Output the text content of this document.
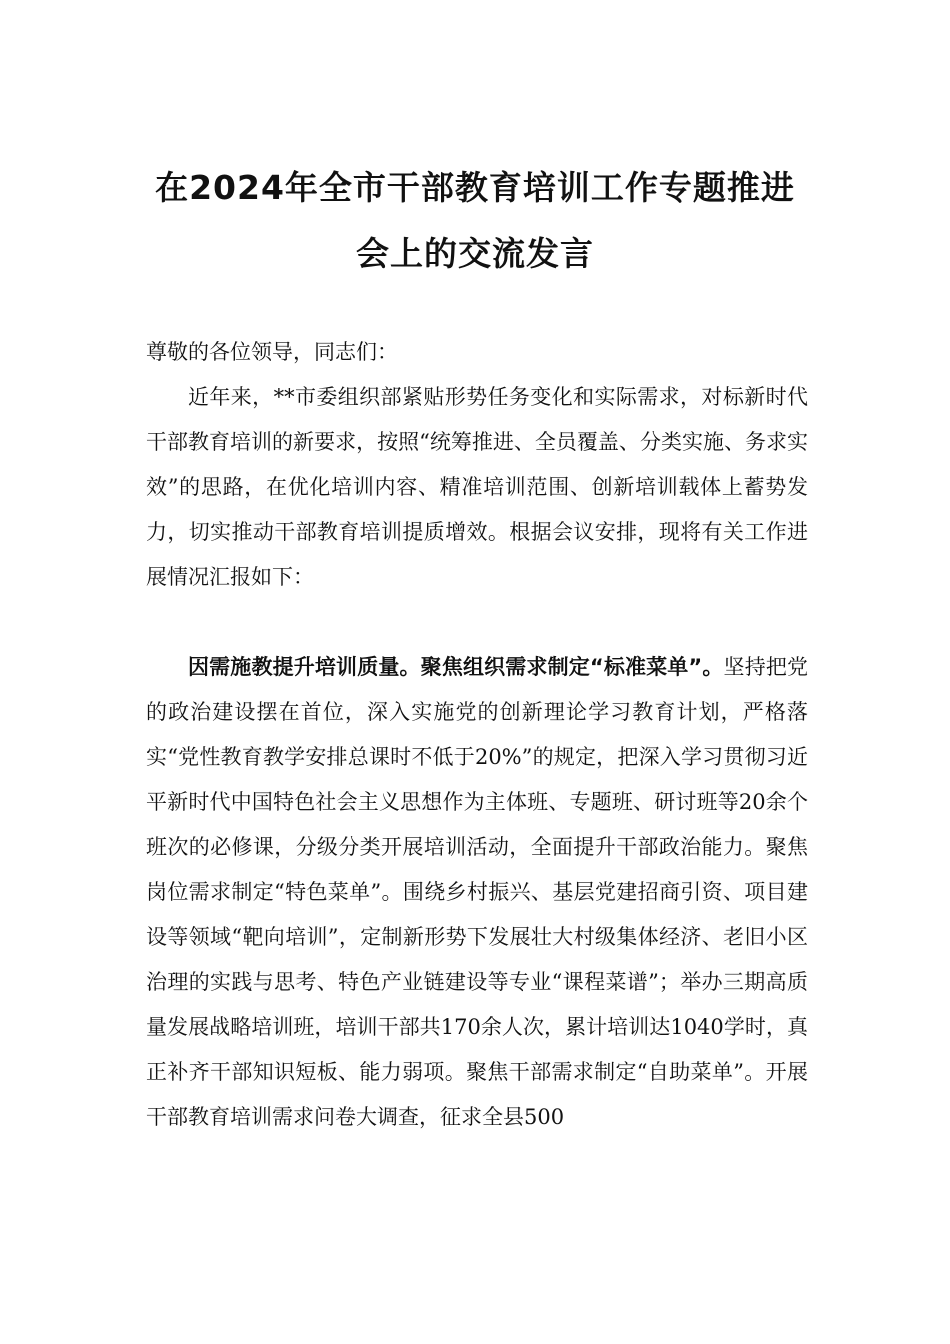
在2024年全市干部教育培训工作专题推进
会上的交流发言
尊敬的各位领导，同志们：
近年来，**市委组织部紧贴形势任务变化和实际需求，对标新时代干部教育培训的新要求，按照“统筹推进、全员覆盖、分类实施、务求实效”的思路，在优化培训内容、精准培训范围、创新培训载体上蓄势发力，切实推动干部教育培训提质增效。根据会议安排，现将有关工作进展情况汇报如下：
因需施教提升培训质量。聚焦组织需求制定“标准菜单”。坚持把党的政治建设摆在首位，深入实施党的创新理论学习教育计划，严格落实“党性教育教学安排总课时不低于20%”的规定，把深入学习贯彻习近平新时代中国特色社会主义思想作为主体班、专题班、研讨班等20余个班次的必修课，分级分类开展培训活动，全面提升干部政治能力。聚焦岗位需求制定“特色菜单”。围绕乡村振兴、基层党建招商引资、项目建设等领域“靶向培训”，定制新形势下发展壮大村级集体经济、老旧小区治理的实践与思考、特色产业链建设等专业“课程菜谱”；举办三期高质量发展战略培训班，培训干部共170余人次，累计培训达1040学时，真正补齐干部知识短板、能力弱项。聚焦干部需求制定“自助菜单”。开展干部教育培训需求问卷大调查，征求全县500
